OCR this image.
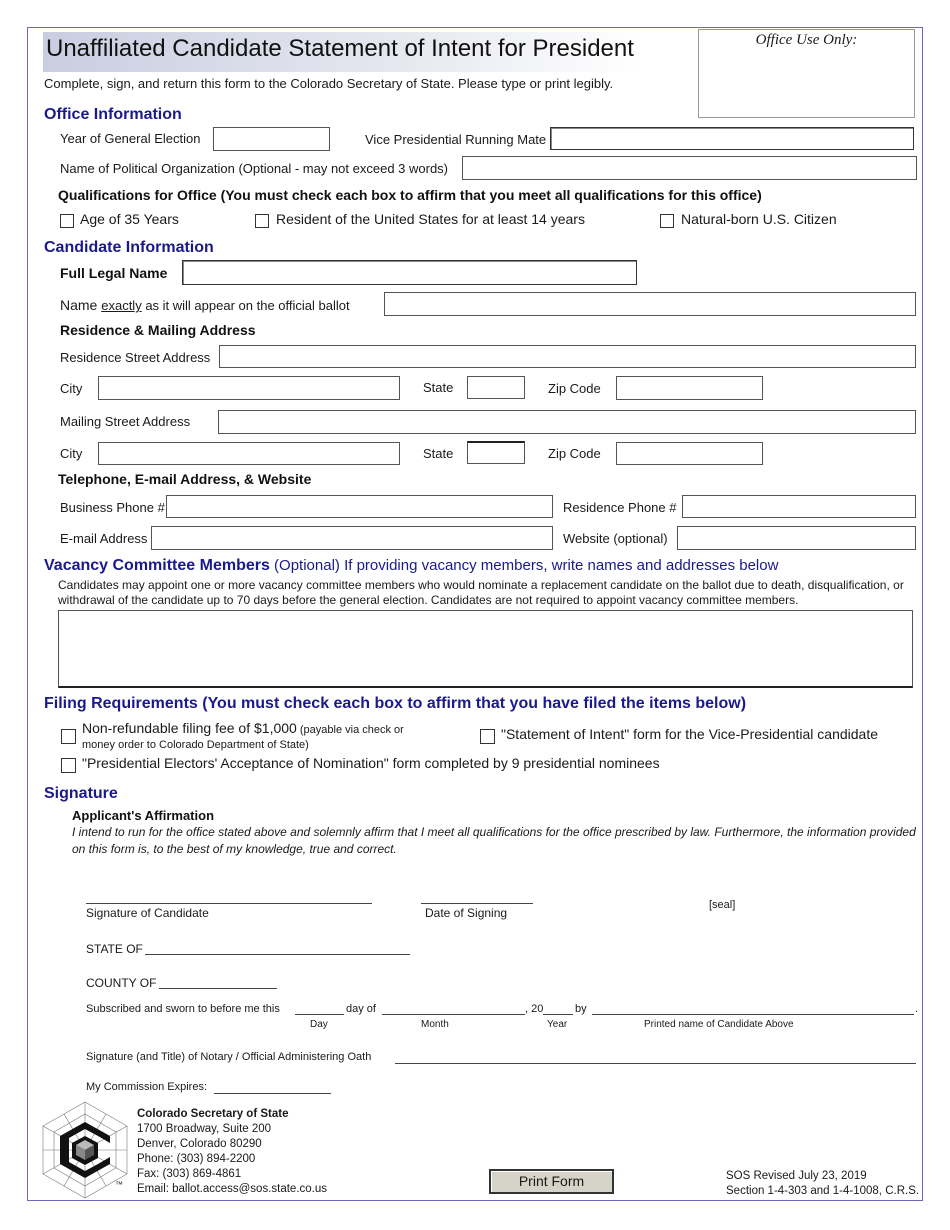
Unaffiliated Candidate Statement of Intent for President
Complete, sign, and return this form to the Colorado Secretary of State. Please type or print legibly.
Office Use Only:
Office Information
Year of General Election	Vice Presidential Running Mate
Name of Political Organization (Optional - may not exceed 3 words)
Qualifications for Office (You must check each box to affirm that you meet all qualifications for this office)
Age of 35 Years	Resident of the United States for at least 14 years	Natural-born U.S. Citizen
Candidate Information
Full Legal Name
Name exactly as it will appear on the official ballot
Residence & Mailing Address
Residence Street Address
City	State	Zip Code
Mailing Street Address
City	State	Zip Code
Telephone, E-mail Address, & Website
Business Phone #	Residence Phone #
E-mail Address	Website (optional)
Vacancy Committee Members (Optional) If providing vacancy members, write names and addresses below
Candidates may appoint one or more vacancy committee members who would nominate a replacement candidate on the ballot due to death, disqualification, or withdrawal of the candidate up to 70 days before the general election. Candidates are not required to appoint vacancy committee members.
Filing Requirements (You must check each box to affirm that you have filed the items below)
Non-refundable filing fee of $1,000 (payable via check or
money order to Colorado Department of State)
"Statement of Intent" form for the Vice-Presidential candidate
"Presidential Electors' Acceptance of Nomination" form completed by 9 presidential nominees
Signature
Applicant's Affirmation
I intend to run for the office stated above and solemnly affirm that I meet all qualifications for the office prescribed by law. Furthermore, the information provided on this form is, to the best of my knowledge, true and correct.
Signature of Candidate	Date of Signing
[seal]
STATE OF
COUNTY OF
Subscribed and sworn to before me this	day of	, 20	by	.
Day	Month	Year	Printed name of Candidate Above
Signature (and Title) of Notary / Official Administering Oath
My Commission Expires:
™
Colorado Secretary of State
1700 Broadway, Suite 200
Denver, Colorado 80290
Phone: (303) 894-2200
Fax: (303) 869-4861
Email: ballot.access@sos.state.co.us	Print Form	SOS Revised July 23, 2019
Section 1-4-303 and 1-4-1008, C.R.S.
